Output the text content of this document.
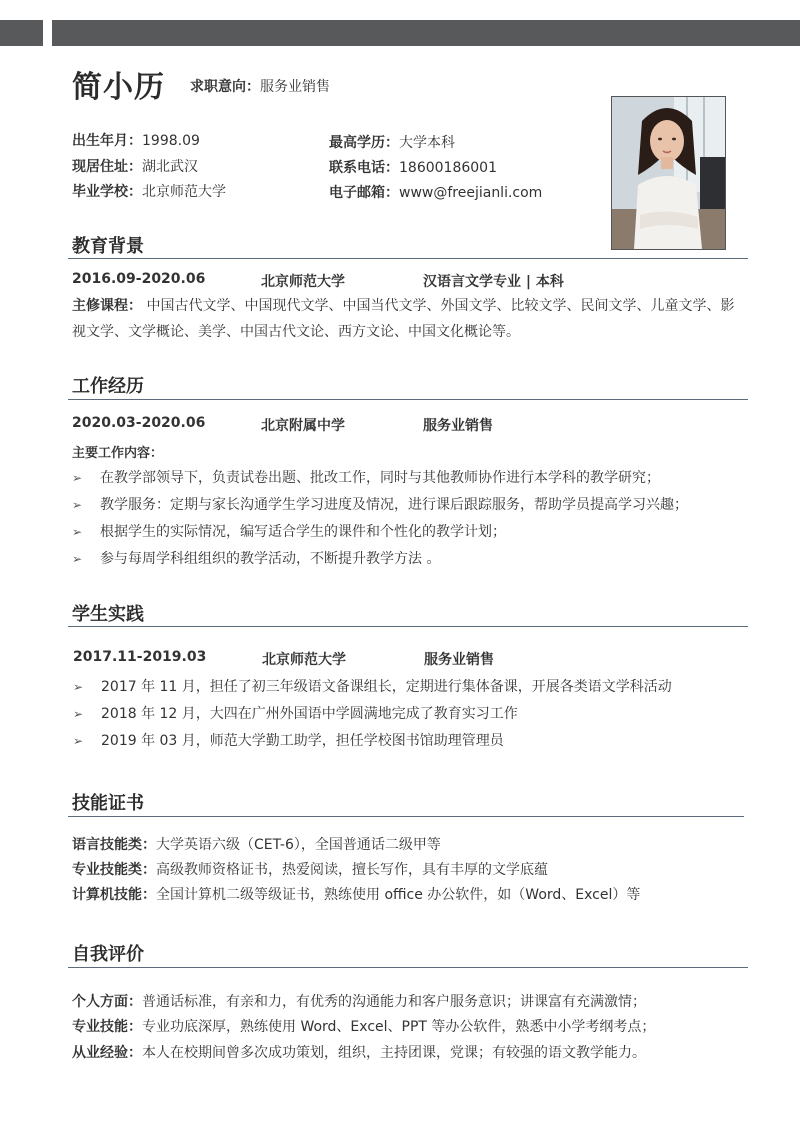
简小历 求职意向：服务业销售
出生年月：1998.09
现居住址：湖北武汉
毕业学校：北京师范大学
最高学历：大学本科
联系电话：18600186001
电子邮箱：www@freejianli.com
教育背景
2016.09-2020.06	北京师范大学	汉语言文学专业 | 本科
主修课程： 中国古代文学、中国现代文学、中国当代文学、外国文学、比较文学、民间文学、儿童文学、影视文学、文学概论、美学、中国古代文论、西方文论、中国文化概论等。
工作经历
2020.03-2020.06	北京附属中学	服务业销售
主要工作内容：
➢ 在教学部领导下，负责试卷出题、批改工作，同时与其他教师协作进行本学科的教学研究；
➢ 教学服务：定期与家长沟通学生学习进度及情况，进行课后跟踪服务，帮助学员提高学习兴趣；
➢ 根据学生的实际情况，编写适合学生的课件和个性化的教学计划；
➢ 参与每周学科组组织的教学活动，不断提升教学方法 。
学生实践
2017.11-2019.03	北京师范大学	服务业销售
➢ 2017 年 11 月，担任了初三年级语文备课组长，定期进行集体备课，开展各类语文学科活动
➢ 2018 年 12 月，大四在广州外国语中学圆满地完成了教育实习工作
➢ 2019 年 03 月，师范大学勤工助学，担任学校图书馆助理管理员
技能证书
语言技能类：大学英语六级（CET-6），全国普通话二级甲等
专业技能类：高级教师资格证书，热爱阅读，擅长写作，具有丰厚的文学底蕴
计算机技能：全国计算机二级等级证书，熟练使用 office 办公软件，如（Word、Excel）等
自我评价
个人方面：普通话标准，有亲和力，有优秀的沟通能力和客户服务意识；讲课富有充满激情；
专业技能：专业功底深厚，熟练使用 Word、Excel、PPT 等办公软件，熟悉中小学考纲考点；
从业经验：本人在校期间曾多次成功策划，组织，主持团课，党课；有较强的语文教学能力。
